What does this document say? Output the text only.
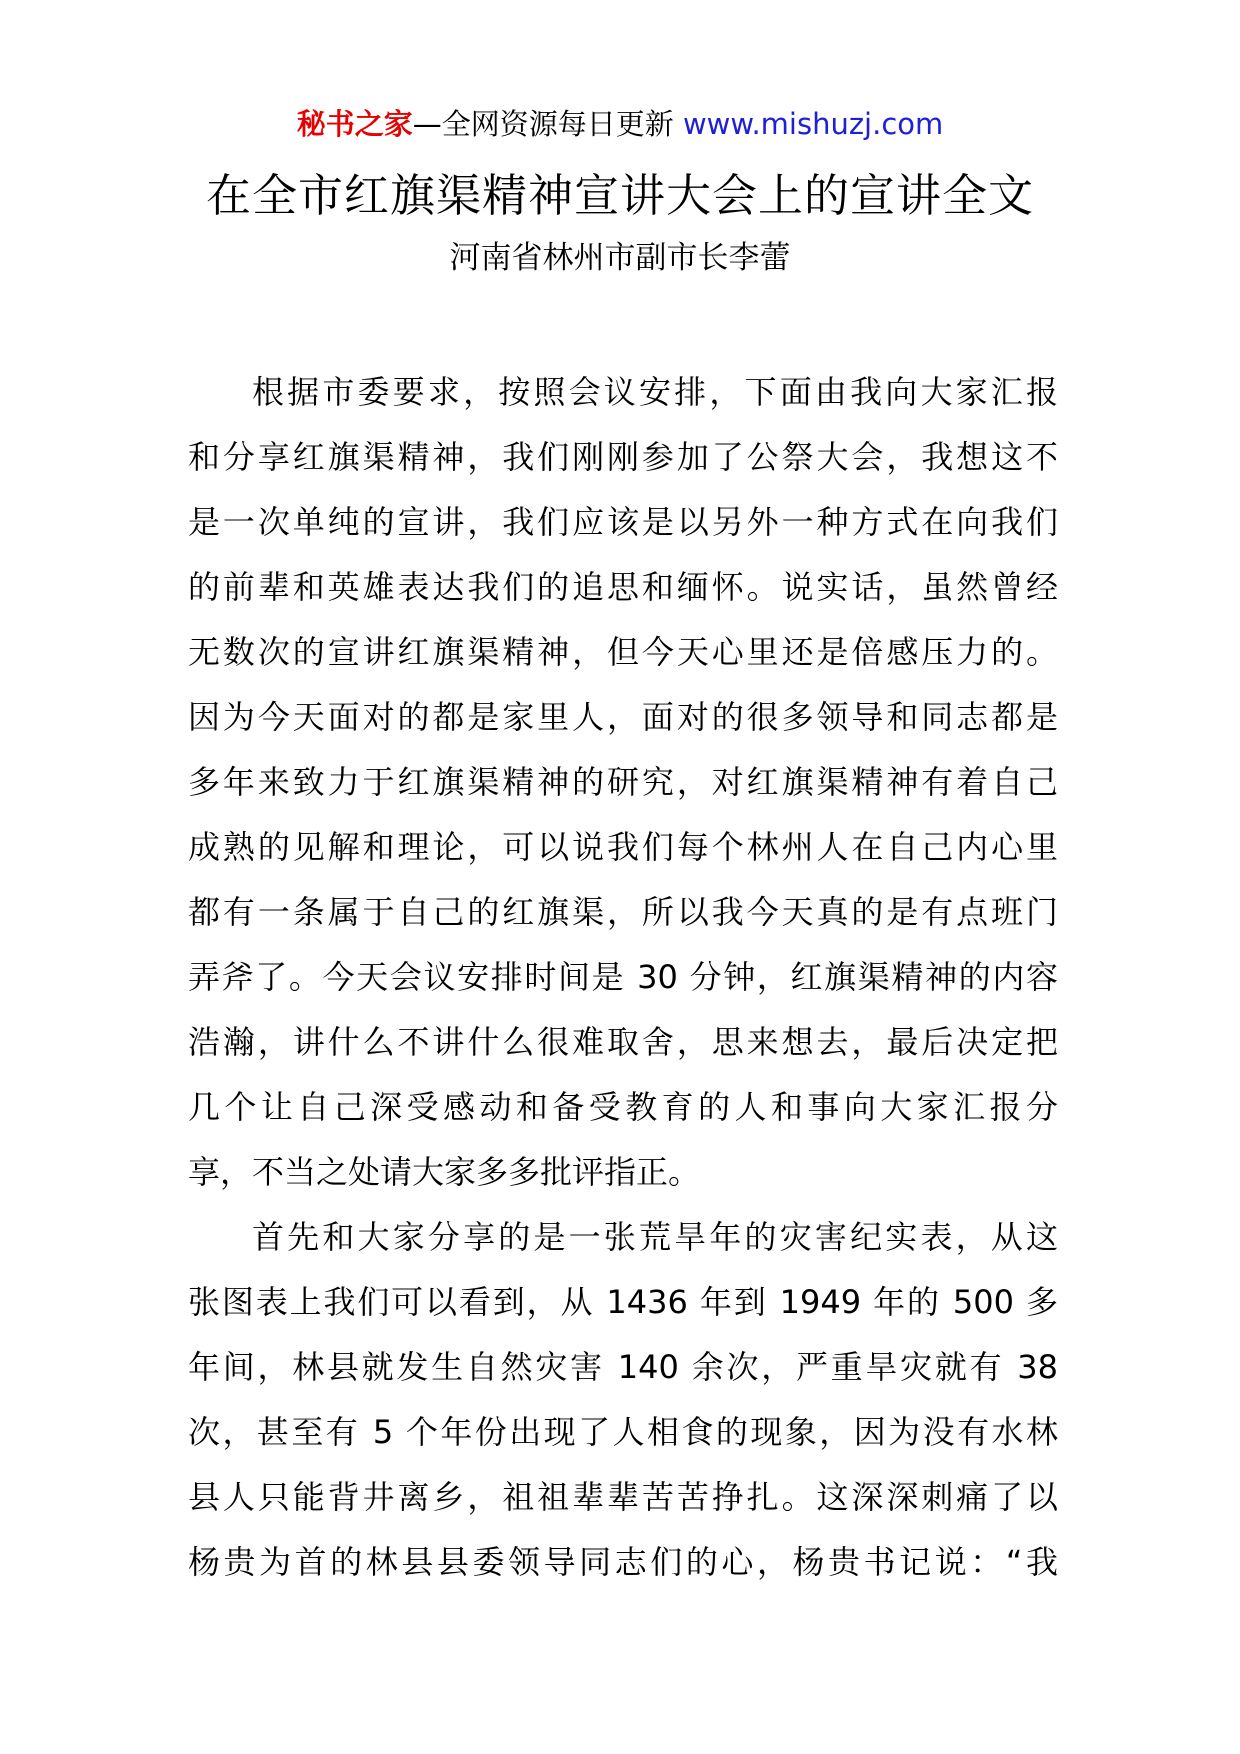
秘书之家—全网资源每日更新 www.mishuzj.com
在全市红旗渠精神宣讲大会上的宣讲全文
河南省林州市副市长李蕾
根据市委要求，按照会议安排，下面由我向大家汇报
和分享红旗渠精神，我们刚刚参加了公祭大会，我想这不
是一次单纯的宣讲，我们应该是以另外一种方式在向我们
的前辈和英雄表达我们的追思和缅怀。说实话，虽然曾经
无数次的宣讲红旗渠精神，但今天心里还是倍感压力的。
因为今天面对的都是家里人，面对的很多领导和同志都是
多年来致力于红旗渠精神的研究，对红旗渠精神有着自己
成熟的见解和理论，可以说我们每个林州人在自己内心里
都有一条属于自己的红旗渠，所以我今天真的是有点班门
弄斧了。今天会议安排时间是 30 分钟，红旗渠精神的内容
浩瀚，讲什么不讲什么很难取舍，思来想去，最后决定把
几个让自己深受感动和备受教育的人和事向大家汇报分
享，不当之处请大家多多批评指正。
首先和大家分享的是一张荒旱年的灾害纪实表，从这
张图表上我们可以看到，从 1436 年到 1949 年的 500 多
年间，林县就发生自然灾害 140 余次，严重旱灾就有 38
次，甚至有 5 个年份出现了人相食的现象，因为没有水林
县人只能背井离乡，祖祖辈辈苦苦挣扎。这深深刺痛了以
杨贵为首的林县县委领导同志们的心，杨贵书记说：“我
